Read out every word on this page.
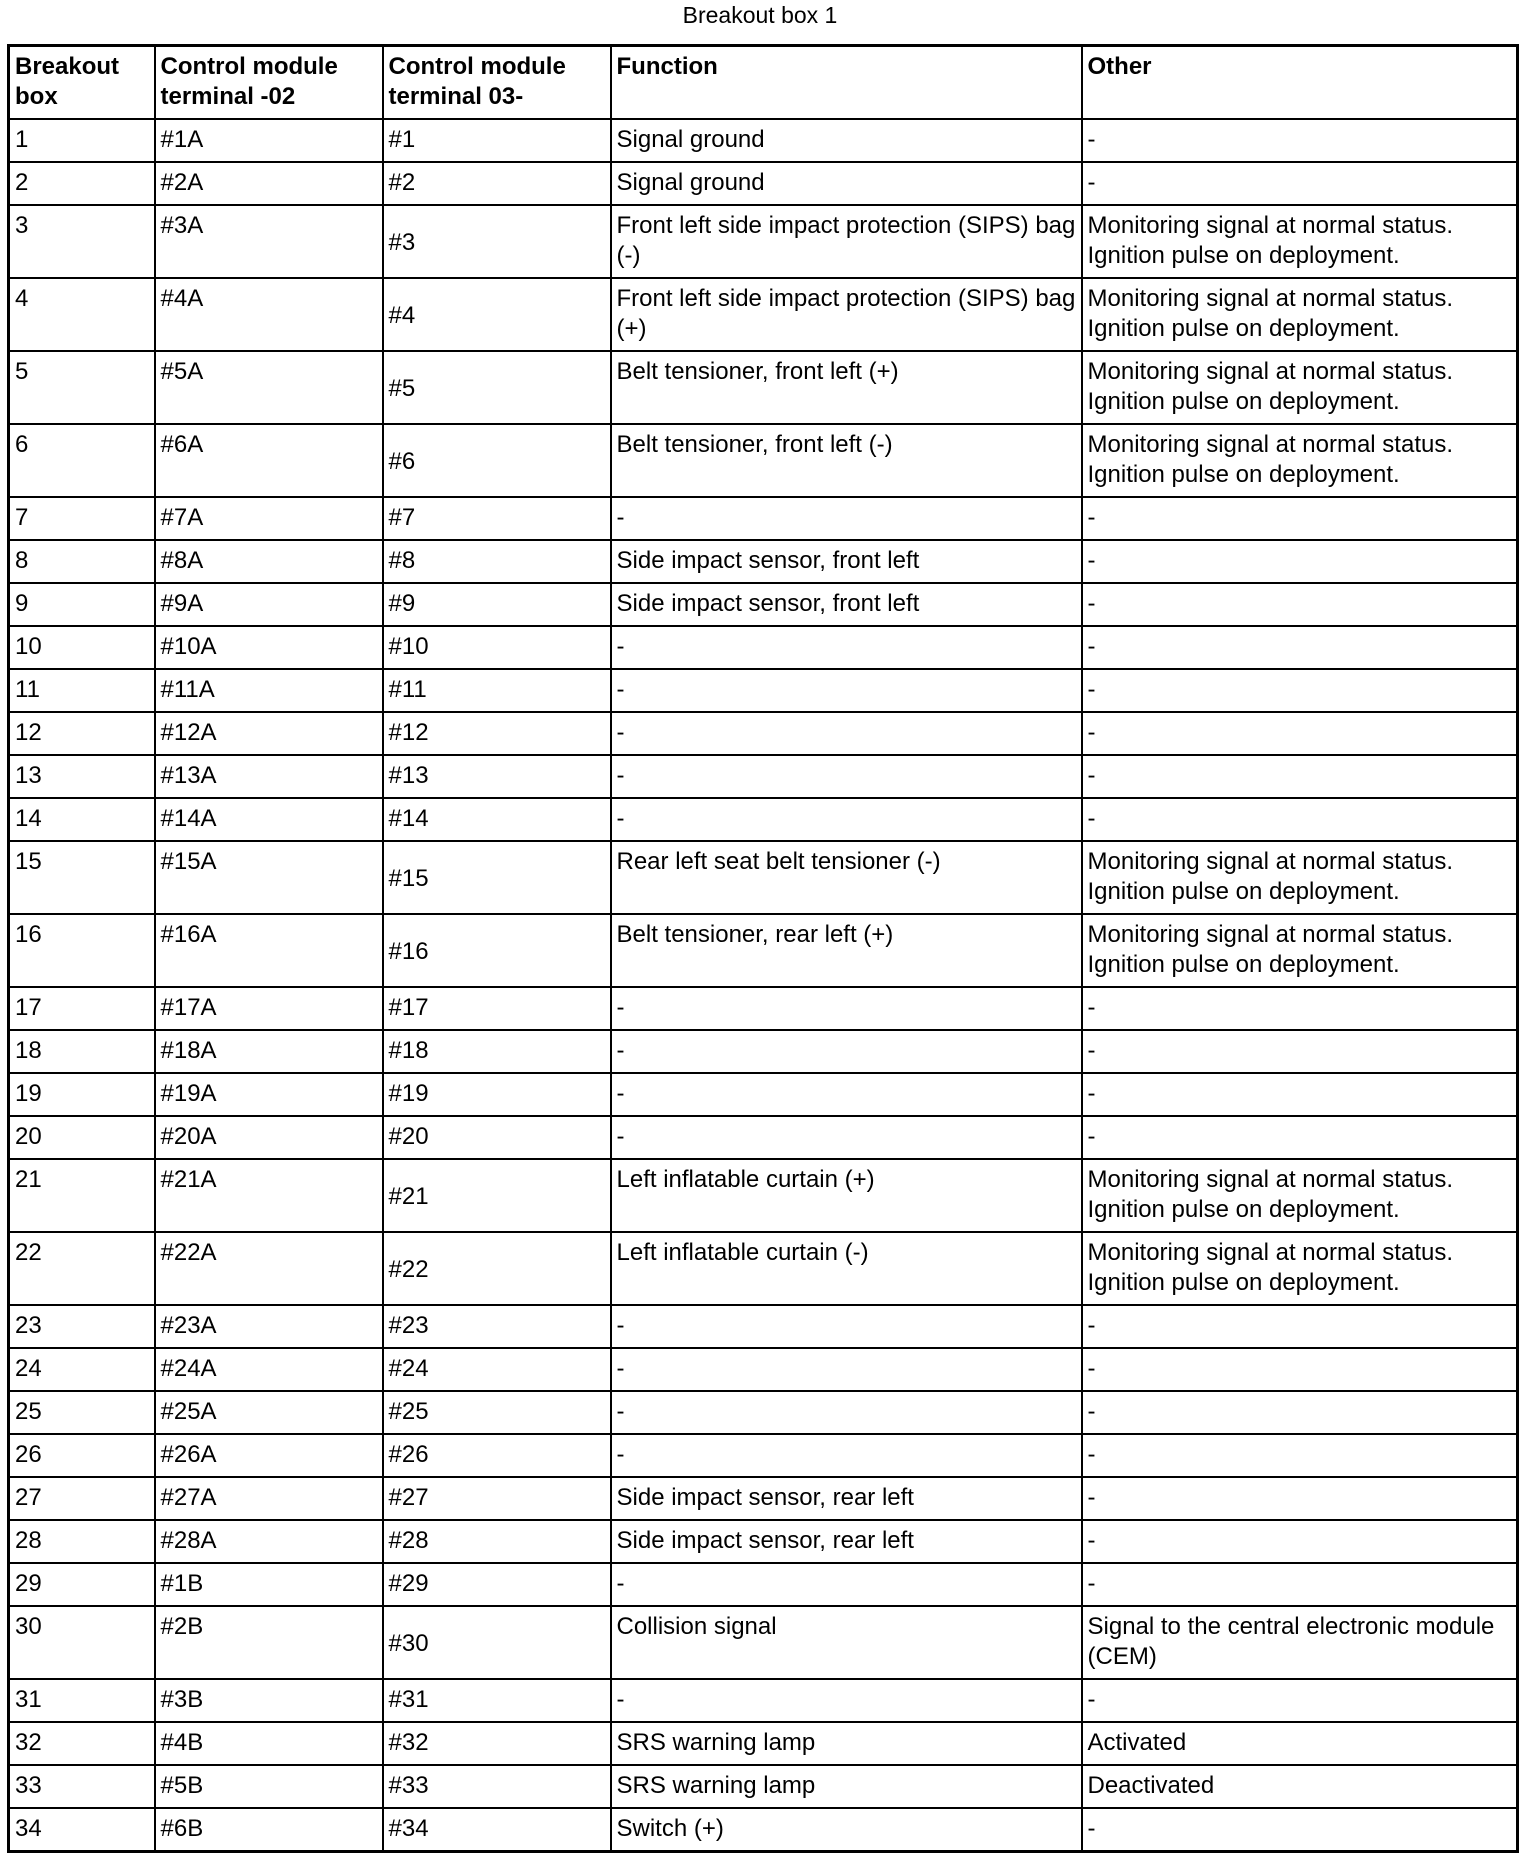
Breakout box 1
Breakout box	Control module terminal -02	Control module terminal 03-	Function	Other
1	#1A	#1	Signal ground	-
2	#2A	#2	Signal ground	-
3	#3A	#3	Front left side impact protection (SIPS) bag (-)	Monitoring signal at normal status. Ignition pulse on deployment.
4	#4A	#4	Front left side impact protection (SIPS) bag (+)	Monitoring signal at normal status. Ignition pulse on deployment.
5	#5A	#5	Belt tensioner, front left (+)	Monitoring signal at normal status. Ignition pulse on deployment.
6	#6A	#6	Belt tensioner, front left (-)	Monitoring signal at normal status. Ignition pulse on deployment.
7	#7A	#7	-	-
8	#8A	#8	Side impact sensor, front left	-
9	#9A	#9	Side impact sensor, front left	-
10	#10A	#10	-	-
11	#11A	#11	-	-
12	#12A	#12	-	-
13	#13A	#13	-	-
14	#14A	#14	-	-
15	#15A	#15	Rear left seat belt tensioner (-)	Monitoring signal at normal status. Ignition pulse on deployment.
16	#16A	#16	Belt tensioner, rear left (+)	Monitoring signal at normal status. Ignition pulse on deployment.
17	#17A	#17	-	-
18	#18A	#18	-	-
19	#19A	#19	-	-
20	#20A	#20	-	-
21	#21A	#21	Left inflatable curtain (+)	Monitoring signal at normal status. Ignition pulse on deployment.
22	#22A	#22	Left inflatable curtain (-)	Monitoring signal at normal status. Ignition pulse on deployment.
23	#23A	#23	-	-
24	#24A	#24	-	-
25	#25A	#25	-	-
26	#26A	#26	-	-
27	#27A	#27	Side impact sensor, rear left	-
28	#28A	#28	Side impact sensor, rear left	-
29	#1B	#29	-	-
30	#2B	#30	Collision signal	Signal to the central electronic module (CEM)
31	#3B	#31	-	-
32	#4B	#32	SRS warning lamp	Activated
33	#5B	#33	SRS warning lamp	Deactivated
34	#6B	#34	Switch (+)	-
